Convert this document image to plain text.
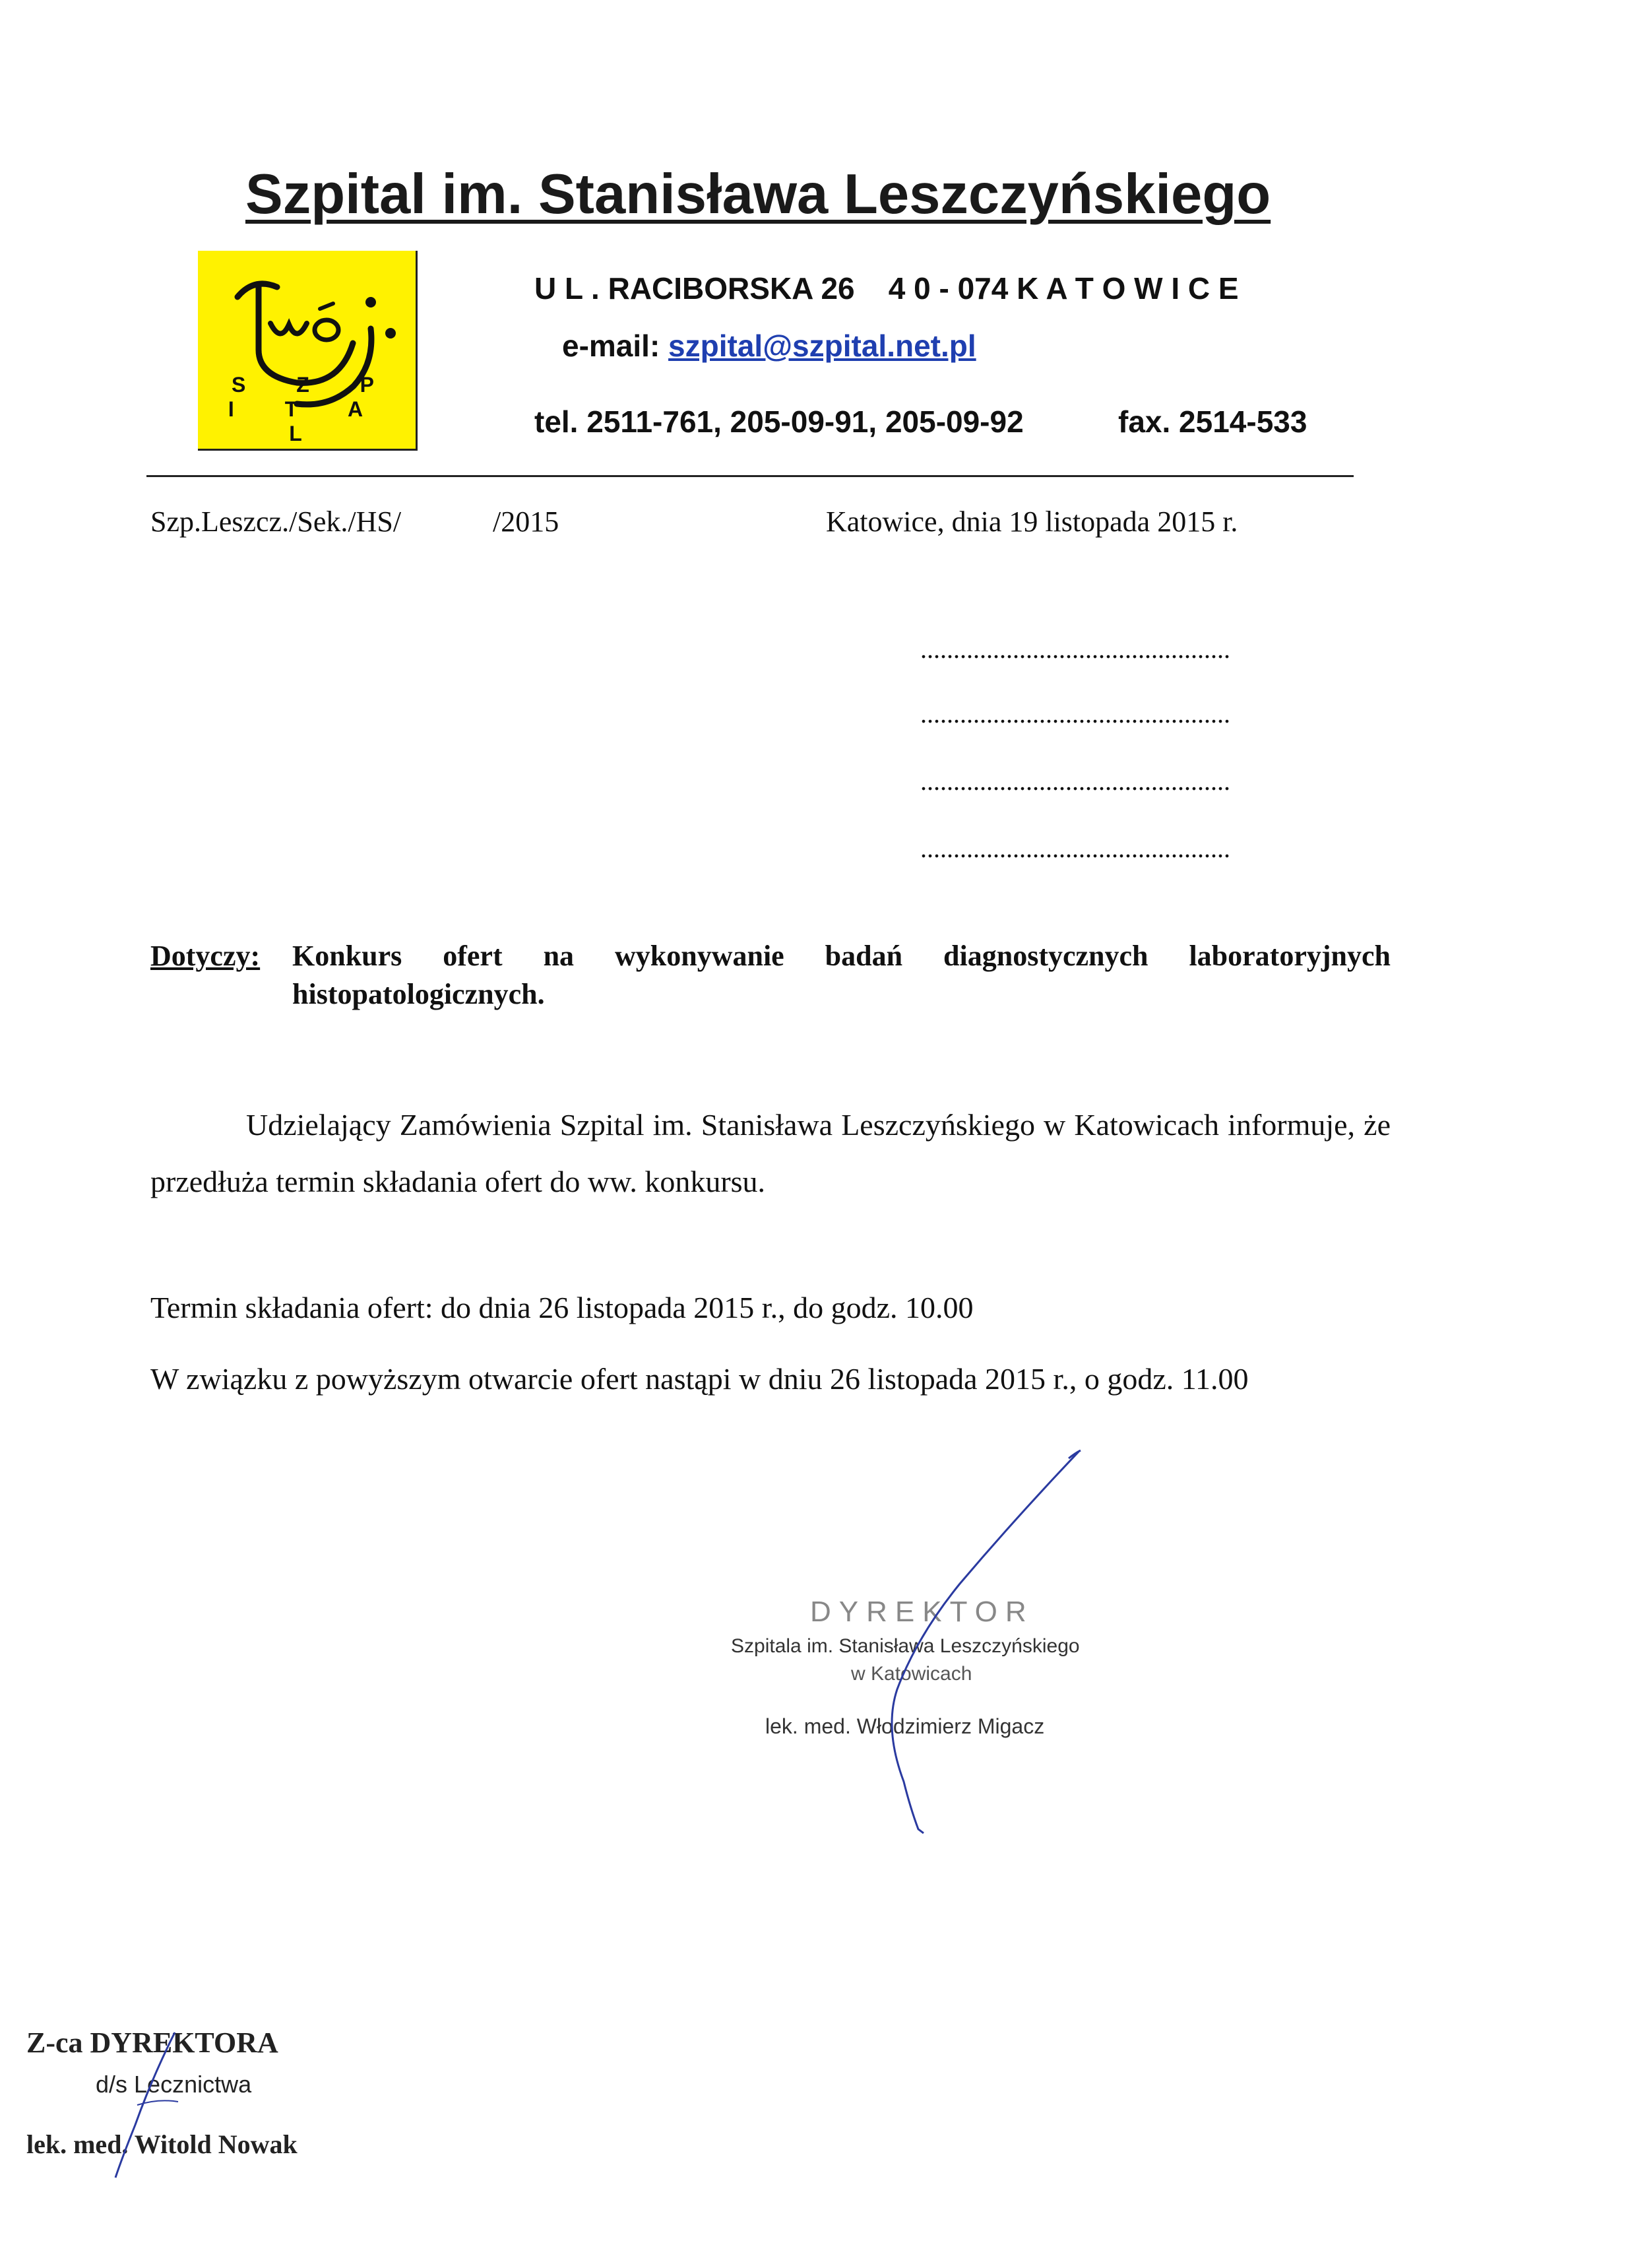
Szpital im. Stanisława Leszczyńskiego
S Z P I T A L
U L . RACIBORSKA 26 4 0 - 074 K A T O W I C E
e-mail: szpital@szpital.net.pl
tel. 2511-761, 205-09-91, 205-09-92	fax. 2514-533
Szp.Leszcz./Sek./HS/	/2015	Katowice, dnia 19 listopada 2015 r.
...............................................
...............................................
...............................................
...............................................
Dotyczy: Konkurs ofert na wykonywanie badań diagnostycznych laboratoryjnych histopatologicznych.
Udzielający Zamówienia Szpital im. Stanisława Leszczyńskiego w Katowicach informuje, że przedłuża termin składania ofert do ww. konkursu.
Termin składania ofert: do dnia 26 listopada 2015 r., do godz. 10.00
W związku z powyższym otwarcie ofert nastąpi w dniu 26 listopada 2015 r., o godz. 11.00
DYREKTOR
Szpitala im. Stanisława Leszczyńskiego
w Katowicach
lek. med. Włodzimierz Migacz
Z-ca DYREKTORA
d/s Lecznictwa
lek. med. Witold Nowak
